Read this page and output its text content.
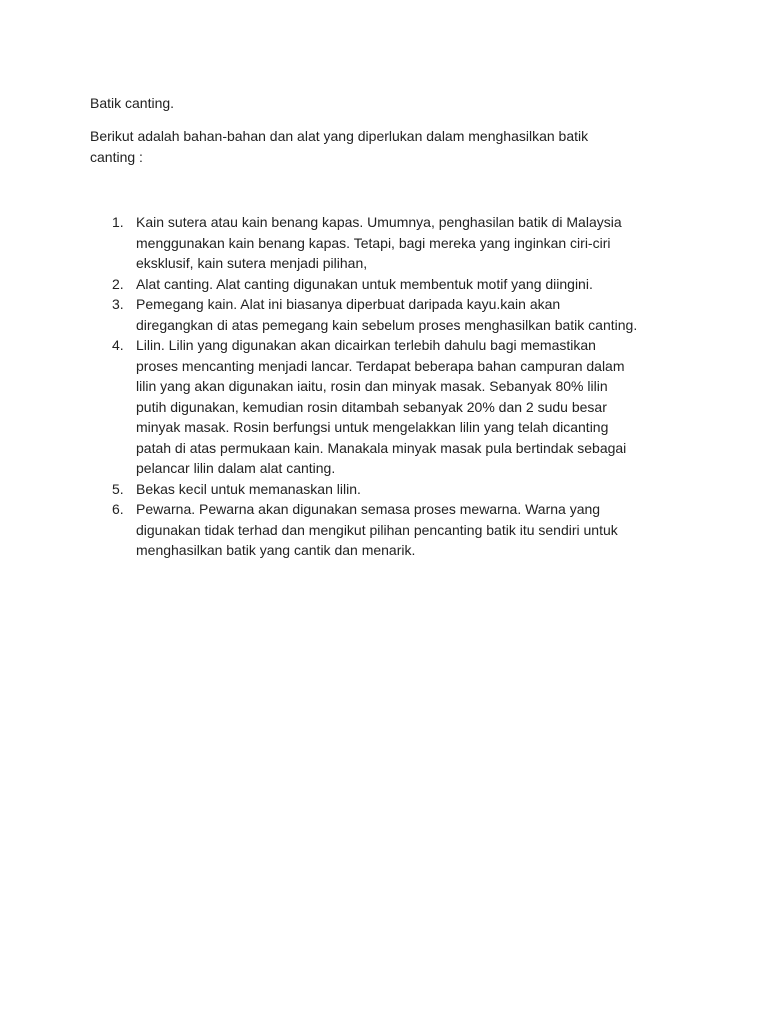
Batik canting.

Berikut adalah bahan-bahan dan alat yang diperlukan dalam menghasilkan batik
canting :

1. Kain sutera atau kain benang kapas. Umumnya, penghasilan batik di Malaysia
menggunakan kain benang kapas. Tetapi, bagi mereka yang inginkan ciri-ciri
eksklusif, kain sutera menjadi pilihan,
2. Alat canting. Alat canting digunakan untuk membentuk motif yang diingini.
3. Pemegang kain. Alat ini biasanya diperbuat daripada kayu.kain akan
diregangkan di atas pemegang kain sebelum proses menghasilkan batik canting.
4. Lilin. Lilin yang digunakan akan dicairkan terlebih dahulu bagi memastikan
proses mencanting menjadi lancar. Terdapat beberapa bahan campuran dalam
lilin yang akan digunakan iaitu, rosin dan minyak masak. Sebanyak 80% lilin
putih digunakan, kemudian rosin ditambah sebanyak 20% dan 2 sudu besar
minyak masak. Rosin berfungsi untuk mengelakkan lilin yang telah dicanting
patah di atas permukaan kain. Manakala minyak masak pula bertindak sebagai
pelancar lilin dalam alat canting.
5. Bekas kecil untuk memanaskan lilin.
6. Pewarna. Pewarna akan digunakan semasa proses mewarna. Warna yang
digunakan tidak terhad dan mengikut pilihan pencanting batik itu sendiri untuk
menghasilkan batik yang cantik dan menarik.
